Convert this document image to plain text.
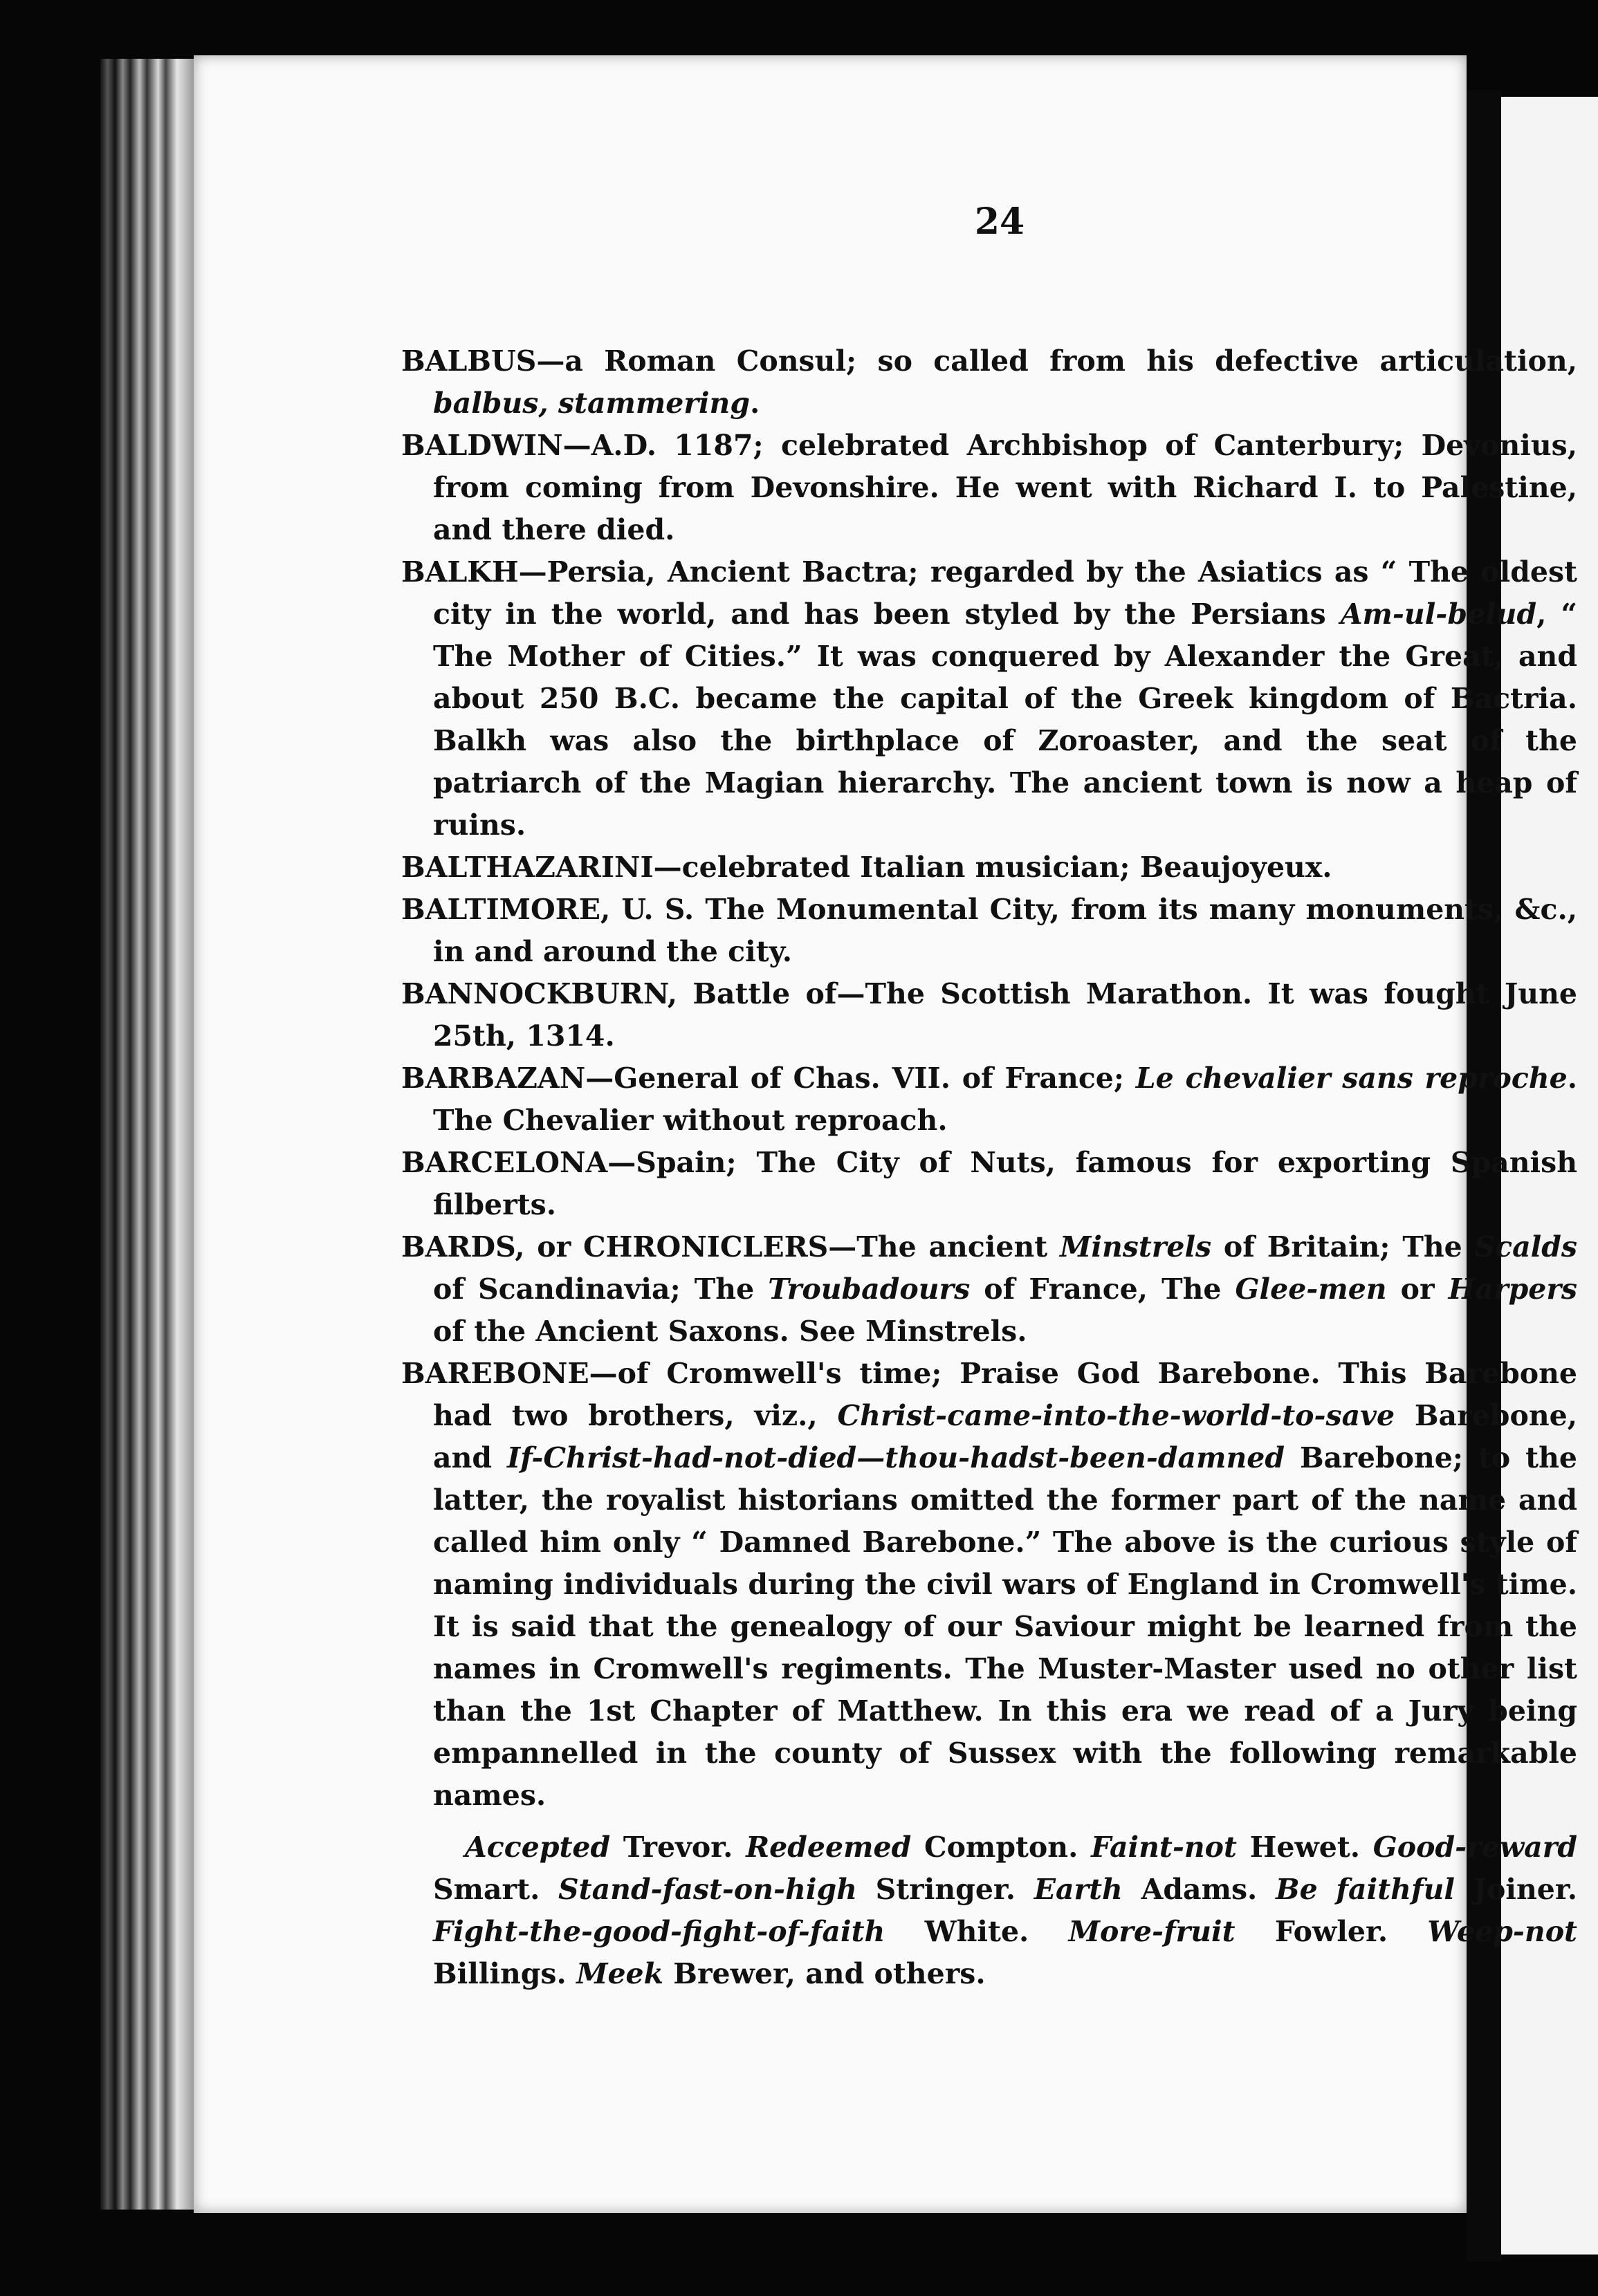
24

BALBUS—a Roman Consul; so called from his defective articulation, balbus, stammering.

BALDWIN—A.D. 1187; celebrated Archbishop of Canterbury; Devonius, from coming from Devonshire. He went with Richard I. to Palestine, and there died.

BALKH—Persia, Ancient Bactra; regarded by the Asiatics as “ The oldest city in the world, and has been styled by the Persians Am-ul-belud, “ The Mother of Cities.” It was conquered by Alexander the Great, and about 250 B.C. became the capital of the Greek kingdom of Bactria. Balkh was also the birthplace of Zoroaster, and the seat of the patriarch of the Magian hierarchy. The ancient town is now a heap of ruins.

BALTHAZARINI—celebrated Italian musician; Beaujoyeux.

BALTIMORE, U. S. The Monumental City, from its many monuments, &c., in and around the city.

BANNOCKBURN, Battle of—The Scottish Marathon. It was fought June 25th, 1314.

BARBAZAN—General of Chas. VII. of France; Le chevalier sans reproche. The Chevalier without reproach.

BARCELONA—Spain; The City of Nuts, famous for exporting Spanish filberts.

BARDS, or CHRONICLERS—The ancient Minstrels of Britain; The Scalds of Scandinavia; The Troubadours of France, The Glee-men or Harpers of the Ancient Saxons. See Minstrels.

BAREBONE—of Cromwell's time; Praise God Barebone. This Barebone had two brothers, viz., Christ-came-into-the-world-to-save Barebone, and If-Christ-had-not-died—thou-hadst-been-damned Barebone; to the latter, the royalist historians omitted the former part of the name and called him only “ Damned Barebone.” The above is the curious style of naming individuals during the civil wars of England in Cromwell's time. It is said that the genealogy of our Saviour might be learned from the names in Cromwell's regiments. The Muster-Master used no other list than the 1st Chapter of Matthew. In this era we read of a Jury being empannelled in the county of Sussex with the following remarkable names.

Accepted Trevor. Redeemed Compton. Faint-not Hewet. Good-reward Smart. Stand-fast-on-high Stringer. Earth Adams. Be faithful Joiner. Fight-the-good-fight-of-faith White. More-fruit Fowler. Weep-not Billings. Meek Brewer, and others.
